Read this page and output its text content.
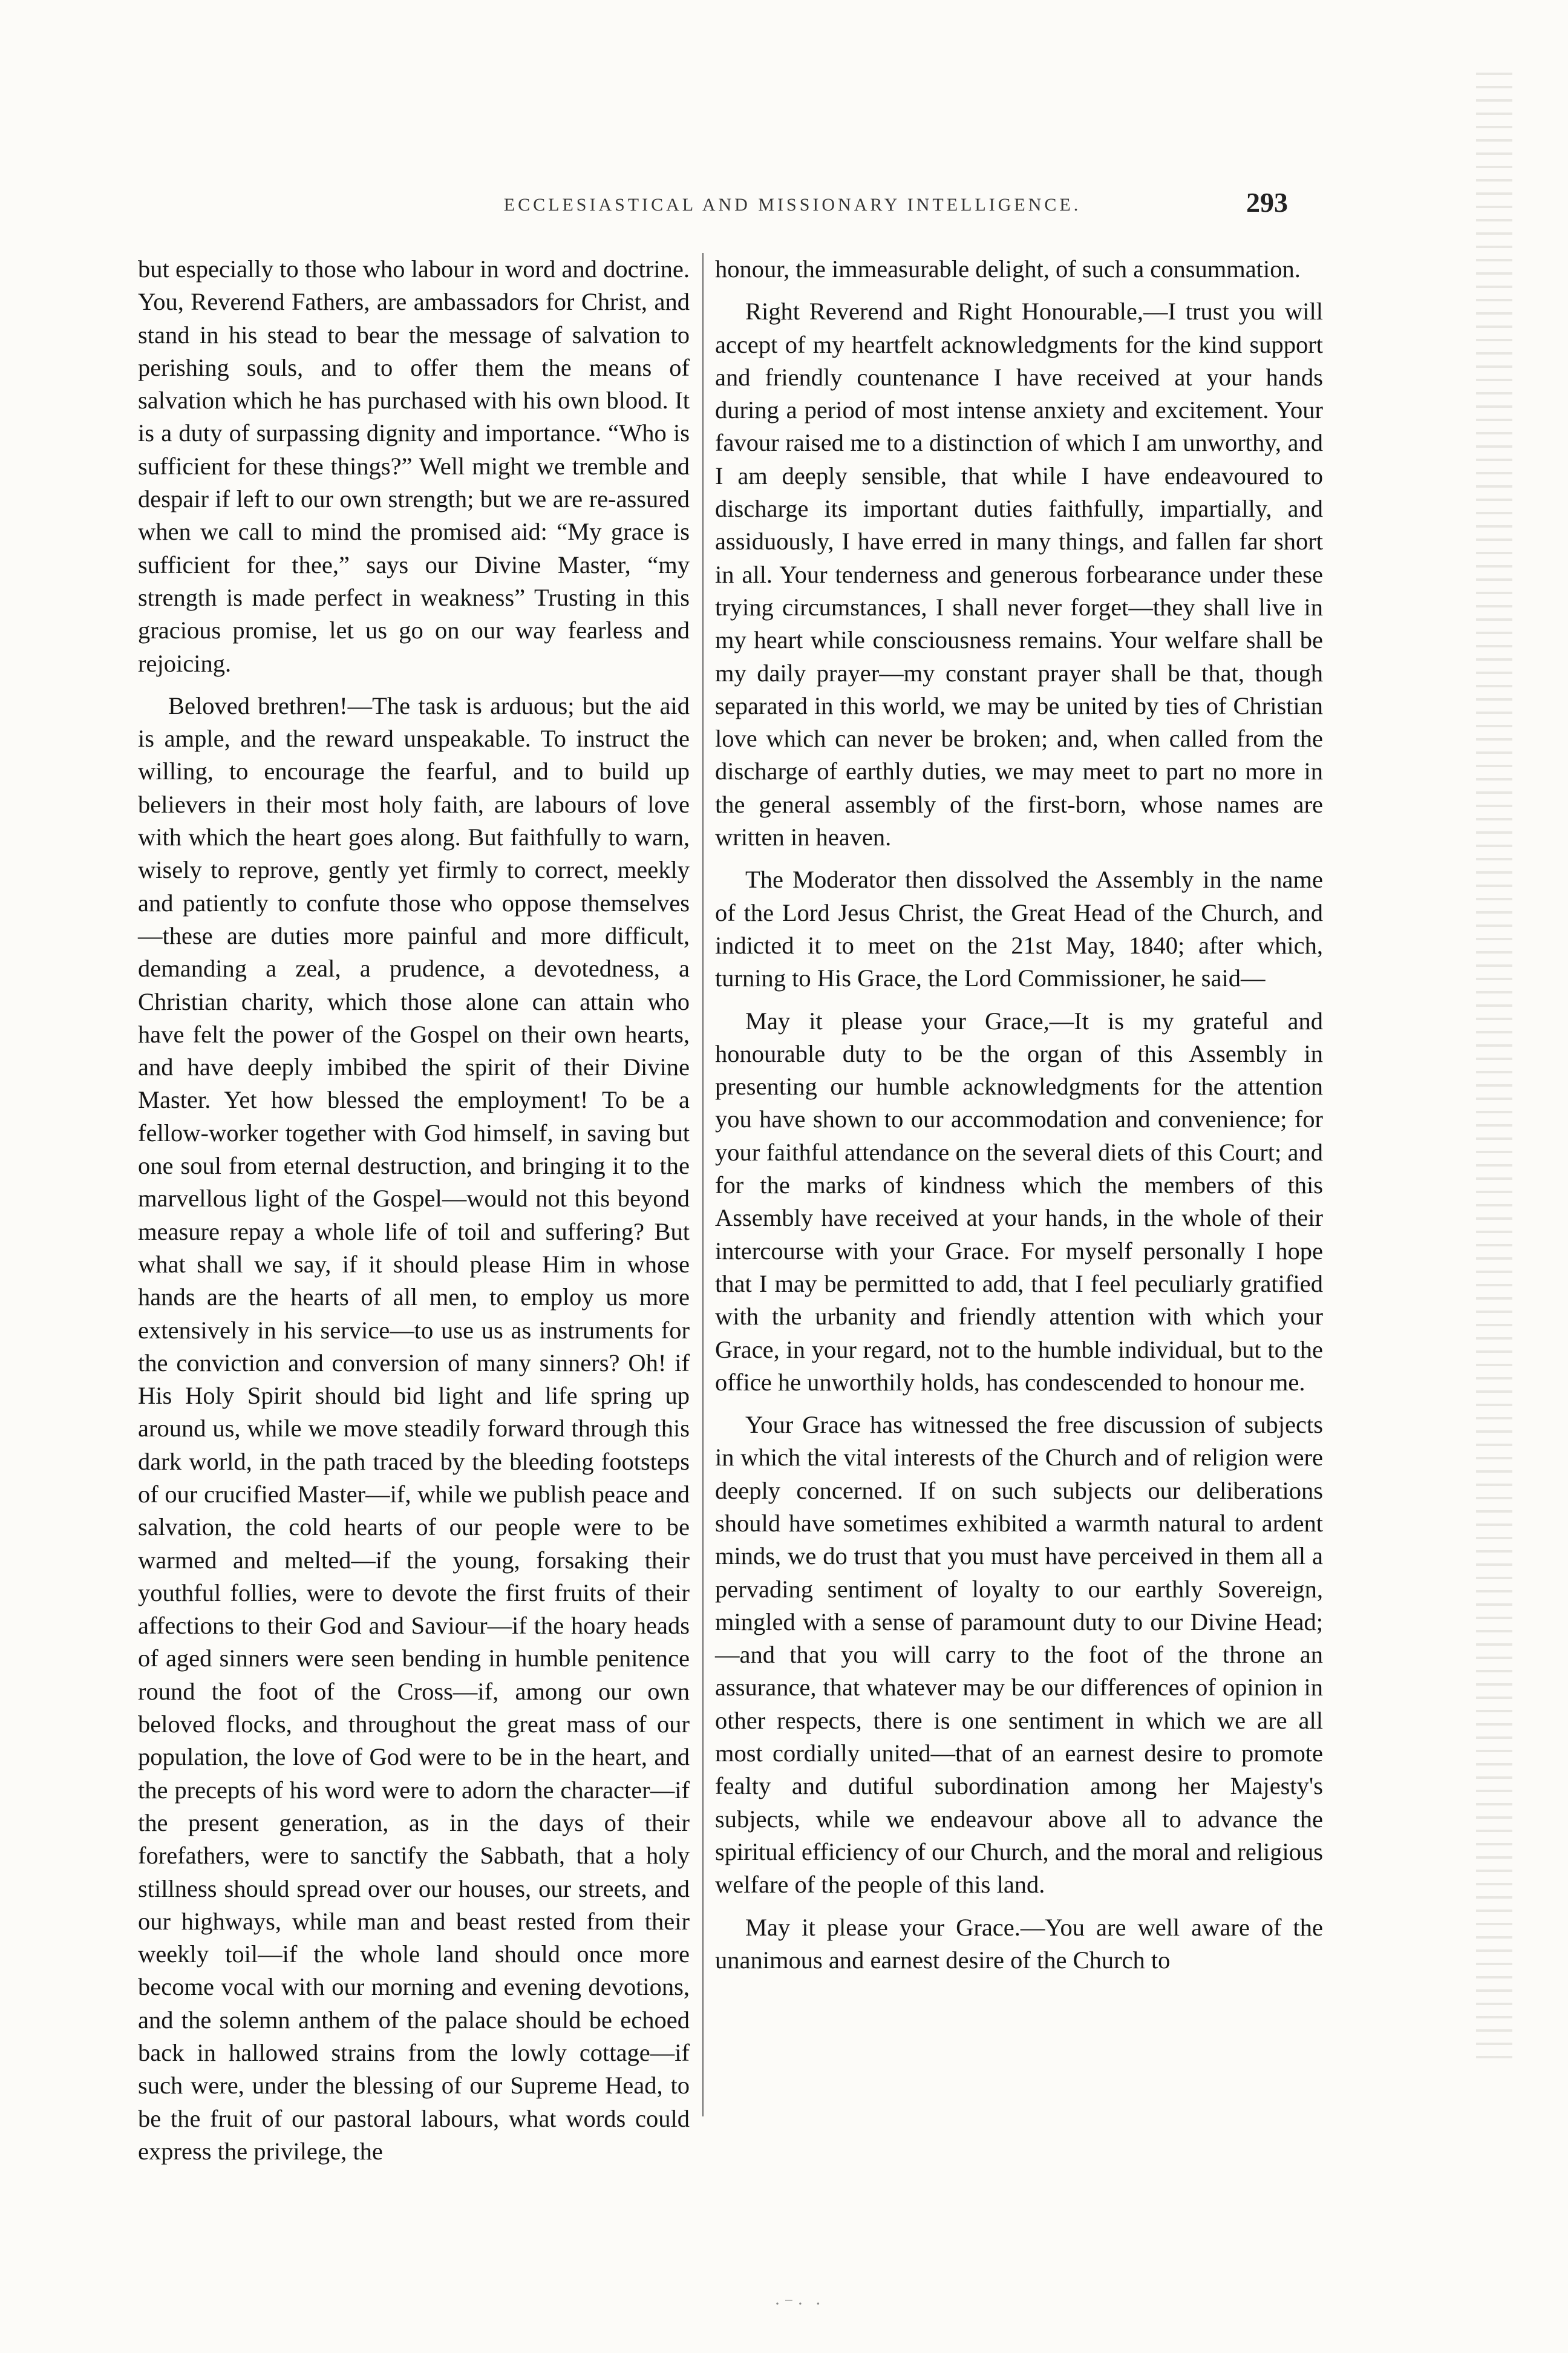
ECCLESIASTICAL AND MISSIONARY INTELLIGENCE.	293

but especially to those who labour in word and doctrine. You, Reverend Fathers, are ambassadors for Christ, and stand in his stead to bear the message of salvation to perishing souls, and to offer them the means of salvation which he has purchased with his own blood. It is a duty of surpassing dignity and importance. “Who is sufficient for these things?” Well might we tremble and despair if left to our own strength; but we are re-assured when we call to mind the promised aid: “My grace is sufficient for thee,” says our Divine Master, “my strength is made perfect in weakness” Trusting in this gracious promise, let us go on our way fearless and rejoicing.

Beloved brethren!—The task is arduous; but the aid is ample, and the reward unspeakable. To instruct the willing, to encourage the fearful, and to build up believers in their most holy faith, are labours of love with which the heart goes along. But faithfully to warn, wisely to reprove, gently yet firmly to correct, meekly and patiently to confute those who oppose themselves—these are duties more painful and more difficult, demanding a zeal, a prudence, a devotedness, a Christian charity, which those alone can attain who have felt the power of the Gospel on their own hearts, and have deeply imbibed the spirit of their Divine Master. Yet how blessed the employment! To be a fellow-worker together with God himself, in saving but one soul from eternal destruction, and bringing it to the marvellous light of the Gospel—would not this beyond measure repay a whole life of toil and suffering? But what shall we say, if it should please Him in whose hands are the hearts of all men, to employ us more extensively in his service—to use us as instruments for the conviction and conversion of many sinners? Oh! if His Holy Spirit should bid light and life spring up around us, while we move steadily forward through this dark world, in the path traced by the bleeding footsteps of our crucified Master—if, while we publish peace and salvation, the cold hearts of our people were to be warmed and melted—if the young, forsaking their youthful follies, were to devote the first fruits of their affections to their God and Saviour—if the hoary heads of aged sinners were seen bending in humble penitence round the foot of the Cross—if, among our own beloved flocks, and throughout the great mass of our population, the love of God were to be in the heart, and the precepts of his word were to adorn the character—if the present generation, as in the days of their forefathers, were to sanctify the Sabbath, that a holy stillness should spread over our houses, our streets, and our highways, while man and beast rested from their weekly toil—if the whole land should once more become vocal with our morning and evening devotions, and the solemn anthem of the palace should be echoed back in hallowed strains from the lowly cottage—if such were, under the blessing of our Supreme Head, to be the fruit of our pastoral labours, what words could express the privilege, the

honour, the immeasurable delight, of such a consummation.

Right Reverend and Right Honourable,—I trust you will accept of my heartfelt acknowledgments for the kind support and friendly countenance I have received at your hands during a period of most intense anxiety and excitement. Your favour raised me to a distinction of which I am unworthy, and I am deeply sensible, that while I have endeavoured to discharge its important duties faithfully, impartially, and assiduously, I have erred in many things, and fallen far short in all. Your tenderness and generous forbearance under these trying circumstances, I shall never forget—they shall live in my heart while consciousness remains. Your welfare shall be my daily prayer—my constant prayer shall be that, though separated in this world, we may be united by ties of Christian love which can never be broken; and, when called from the discharge of earthly duties, we may meet to part no more in the general assembly of the first-born, whose names are written in heaven.

The Moderator then dissolved the Assembly in the name of the Lord Jesus Christ, the Great Head of the Church, and indicted it to meet on the 21st May, 1840; after which, turning to His Grace, the Lord Commissioner, he said—

May it please your Grace,—It is my grateful and honourable duty to be the organ of this Assembly in presenting our humble acknowledgments for the attention you have shown to our accommodation and convenience; for your faithful attendance on the several diets of this Court; and for the marks of kindness which the members of this Assembly have received at your hands, in the whole of their intercourse with your Grace. For myself personally I hope that I may be permitted to add, that I feel peculiarly gratified with the urbanity and friendly attention with which your Grace, in your regard, not to the humble individual, but to the office he unworthily holds, has condescended to honour me.

Your Grace has witnessed the free discussion of subjects in which the vital interests of the Church and of religion were deeply concerned. If on such subjects our deliberations should have sometimes exhibited a warmth natural to ardent minds, we do trust that you must have perceived in them all a pervading sentiment of loyalty to our earthly Sovereign, mingled with a sense of paramount duty to our Divine Head;—and that you will carry to the foot of the throne an assurance, that whatever may be our differences of opinion in other respects, there is one sentiment in which we are all most cordially united—that of an earnest desire to promote fealty and dutiful subordination among her Majesty's subjects, while we endeavour above all to advance the spiritual efficiency of our Church, and the moral and religious welfare of the people of this land.

May it please your Grace.—You are well aware of the unanimous and earnest desire of the Church to

·⁻· ·
